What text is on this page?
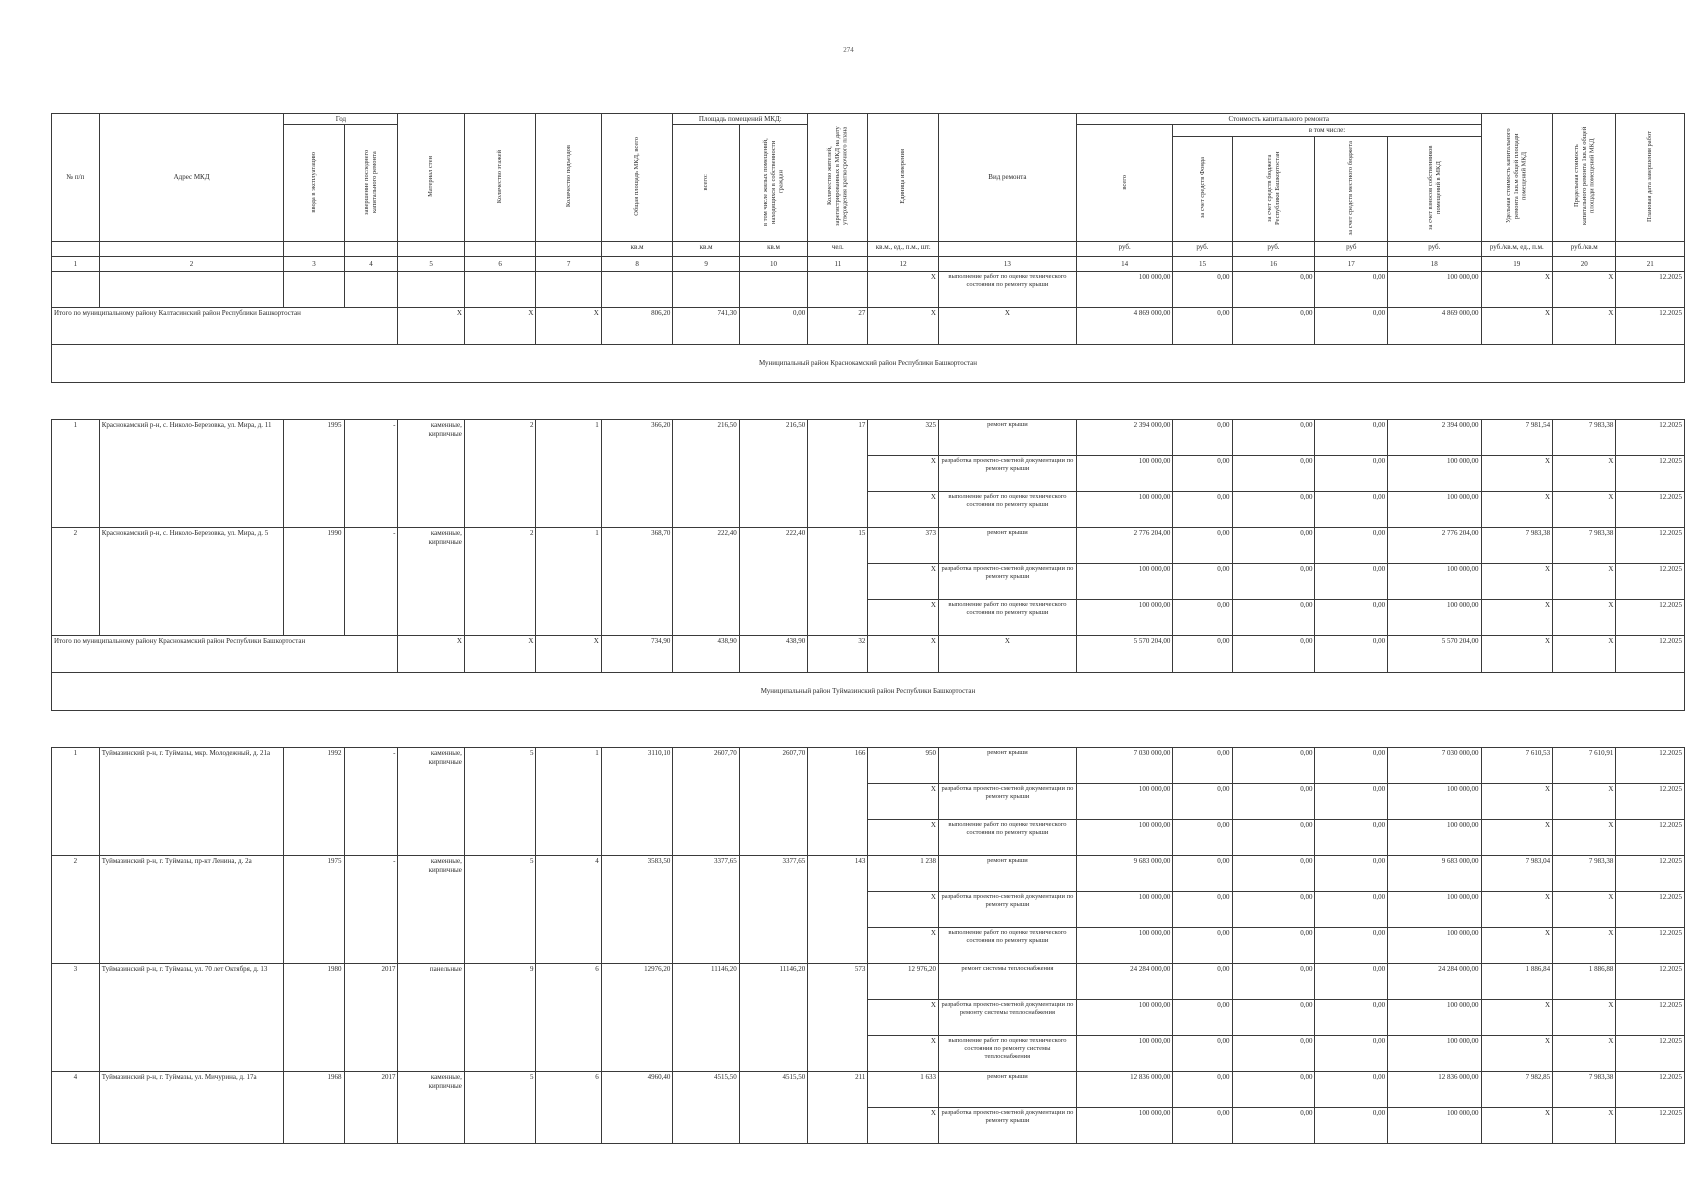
274
№ п/п	Адрес МКД	Год		Материал стен	Количество этажей	Количество подъездов	Общая площадь МКД, всего	Площадь помещений МКД:		Количество жителей, зарегистрированных в МКД на дату утверждения краткосрочного плана	Единица измерения	Вид ремонта	Стоимость капитального ремонта					Удельная стоимость капитального ремонта 1кв.м общей площади помещений МКД	Предельная стоимость капитального ремонта 1кв.м общей площади помещений МКД	Плановая дата завершения работ
		ввода в эксплуатацию	завершение последнего капитального ремонта					всего:	в том числе жилых помещений, находящихся в собственности граждан				всего	в том числе:						
														за счет средств Фонда	за счет средств бюджета Республики Башкортостан	за счет средств местного бюджета	за счет взносов собственников помещений в МКД			
							кв.м	кв.м	кв.м	чел.	кв.м., ед., п.м., шт.		руб.	руб.	руб.	руб	руб.	руб./кв.м, ед., п.м.	руб./кв.м	
1	2	3	4	5	6	7	8	9	10	11	12	13	14	15	16	17	18	19	20	21
											X	выполнение работ по оценке технического состояния по ремонту крыши	100 000,00	0,00	0,00	0,00	100 000,00	X	X	12.2025
Итого по муниципальному району Калтасинский район Республики Башкортостан				X	X	X	806,20	741,30	0,00	27	X	X	4 869 000,00	0,00	0,00	0,00	4 869 000,00	X	X	12.2025
Муниципальный район Краснокамский район Республики Башкортостан																				

1	Краснокамский р-н, с. Николо-Березовка, ул. Мира, д. 11	1995	-	каменные, кирпичные	2	1	366,20	216,50	216,50	17	325	ремонт крыши	2 394 000,00	0,00	0,00	0,00	2 394 000,00	7 981,54	7 983,38	12.2025
											X	разработка проектно-сметной документации по ремонту крыши	100 000,00	0,00	0,00	0,00	100 000,00	X	X	12.2025
											X	выполнение работ по оценке технического состояния по ремонту крыши	100 000,00	0,00	0,00	0,00	100 000,00	X	X	12.2025
2	Краснокамский р-н, с. Николо-Березовка, ул. Мира, д. 5	1990	-	каменные, кирпичные	2	1	368,70	222,40	222,40	15	373	ремонт крыши	2 776 204,00	0,00	0,00	0,00	2 776 204,00	7 983,38	7 983,38	12.2025
											X	разработка проектно-сметной документации по ремонту крыши	100 000,00	0,00	0,00	0,00	100 000,00	X	X	12.2025
											X	выполнение работ по оценке технического состояния по ремонту крыши	100 000,00	0,00	0,00	0,00	100 000,00	X	X	12.2025
Итого по муниципальному району Краснокамский район Республики Башкортостан				X	X	X	734,90	438,90	438,90	32	X	X	5 570 204,00	0,00	0,00	0,00	5 570 204,00	X	X	12.2025
Муниципальный район Туймазинский район Республики Башкортостан																				

1	Туймазинский р-н, г. Туймазы, мкр. Молодежный, д. 21а	1992	-	каменные, кирпичные	5	1	3110,10	2607,70	2607,70	166	950	ремонт крыши	7 030 000,00	0,00	0,00	0,00	7 030 000,00	7 610,53	7 610,91	12.2025
											X	разработка проектно-сметной документации по ремонту крыши	100 000,00	0,00	0,00	0,00	100 000,00	X	X	12.2025
											X	выполнение работ по оценке технического состояния по ремонту крыши	100 000,00	0,00	0,00	0,00	100 000,00	X	X	12.2025
2	Туймазинский р-н, г. Туймазы, пр-кт Ленина, д. 2а	1975	-	каменные, кирпичные	5	4	3583,50	3377,65	3377,65	143	1 238	ремонт крыши	9 683 000,00	0,00	0,00	0,00	9 683 000,00	7 983,04	7 983,38	12.2025
											X	разработка проектно-сметной документации по ремонту крыши	100 000,00	0,00	0,00	0,00	100 000,00	X	X	12.2025
											X	выполнение работ по оценке технического состояния по ремонту крыши	100 000,00	0,00	0,00	0,00	100 000,00	X	X	12.2025
3	Туймазинский р-н, г. Туймазы, ул. 70 лет Октября, д. 13	1980	2017	панельные	9	6	12976,20	11146,20	11146,20	573	12 976,20	ремонт системы теплоснабжения	24 284 000,00	0,00	0,00	0,00	24 284 000,00	1 886,84	1 886,88	12.2025
											X	разработка проектно-сметной документации по ремонту системы теплоснабжения	100 000,00	0,00	0,00	0,00	100 000,00	X	X	12.2025
											X	выполнение работ по оценке технического состояния по ремонту системы теплоснабжения	100 000,00	0,00	0,00	0,00	100 000,00	X	X	12.2025
4	Туймазинский р-н, г. Туймазы, ул. Мичурина, д. 17а	1968	2017	каменные, кирпичные	5	6	4960,40	4515,50	4515,50	211	1 633	ремонт крыши	12 836 000,00	0,00	0,00	0,00	12 836 000,00	7 982,85	7 983,38	12.2025
											X	разработка проектно-сметной документации по ремонту крыши	100 000,00	0,00	0,00	0,00	100 000,00	X	X	12.2025
